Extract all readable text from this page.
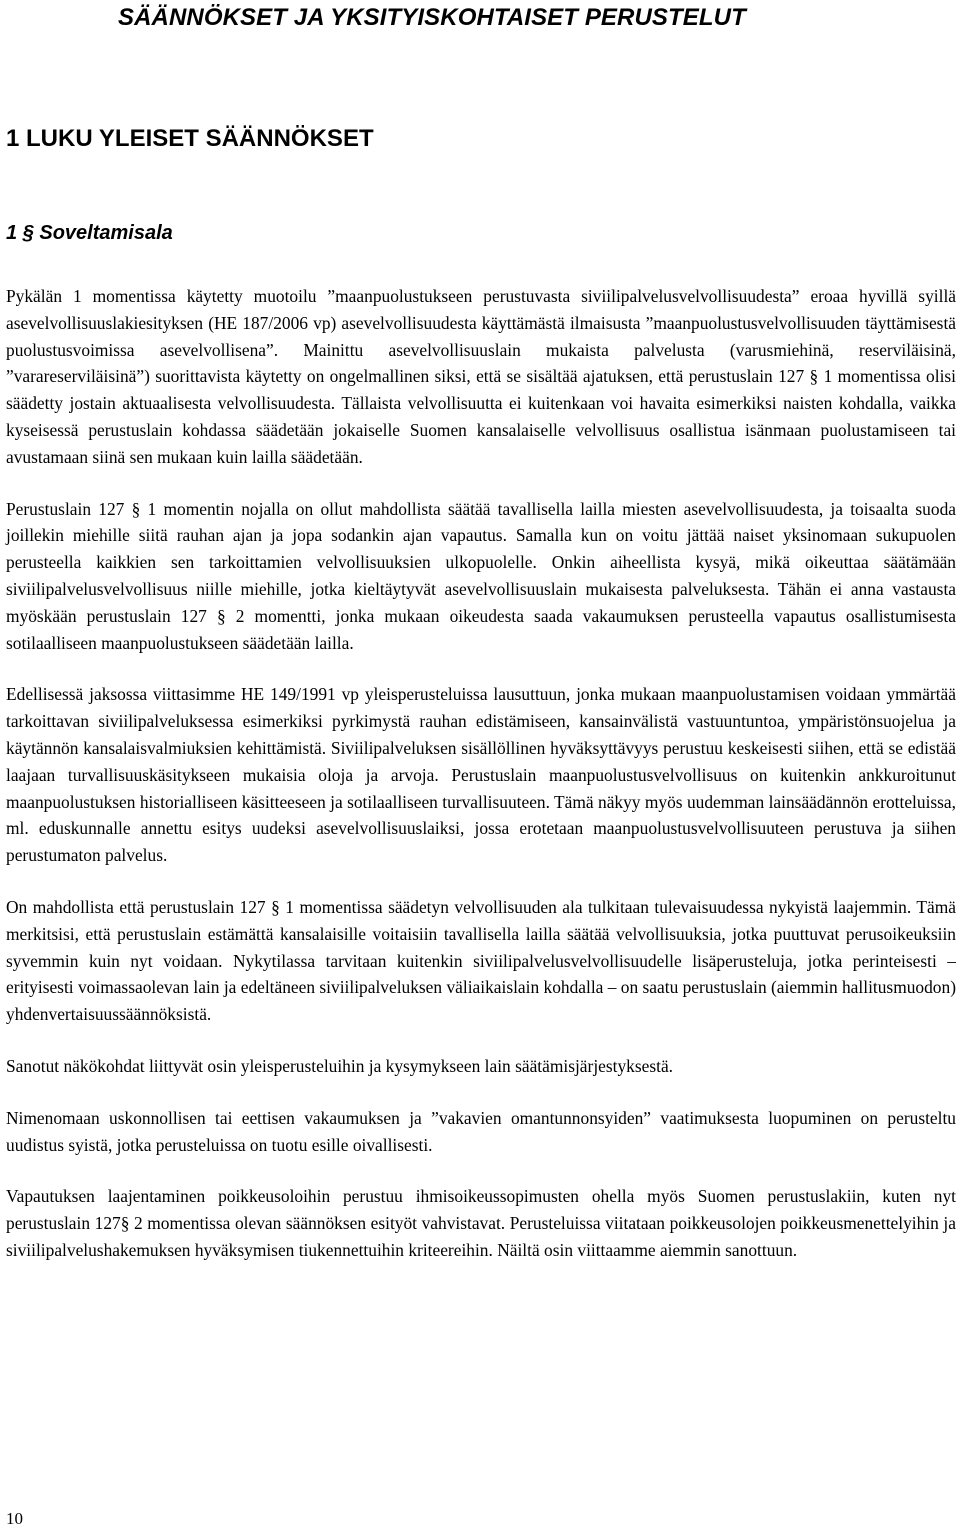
SÄÄNNÖKSET JA YKSITYISKOHTAISET PERUSTELUT
1 LUKU YLEISET SÄÄNNÖKSET
1 § Soveltamisala

Pykälän 1 momentissa käytetty muotoilu ”maanpuolustukseen perustuvasta siviilipalvelusvelvollisuudesta” eroaa hyvillä syillä asevelvollisuuslakiesityksen (HE 187/2006 vp) asevelvollisuudesta käyttämästä ilmaisusta ”maanpuolustusvelvollisuuden täyttämisestä puolustusvoimissa asevelvollisena”. Mainittu asevelvollisuuslain mukaista palvelusta (varusmiehinä, reserviläisinä, ”varareserviläisinä”) suorittavista käytetty on ongelmallinen siksi, että se sisältää ajatuksen, että perustuslain 127 § 1 momentissa olisi säädetty jostain aktuaalisesta velvollisuudesta. Tällaista velvollisuutta ei kuitenkaan voi havaita esimerkiksi naisten kohdalla, vaikka kyseisessä perustuslain kohdassa säädetään jokaiselle Suomen kansalaiselle velvollisuus osallistua isänmaan puolustamiseen tai avustamaan siinä sen mukaan kuin lailla säädetään.

Perustuslain 127 § 1 momentin nojalla on ollut mahdollista säätää tavallisella lailla miesten asevelvollisuudesta, ja toisaalta suoda joillekin miehille siitä rauhan ajan ja jopa sodankin ajan vapautus. Samalla kun on voitu jättää naiset yksinomaan sukupuolen perusteella kaikkien sen tarkoittamien velvollisuuksien ulkopuolelle. Onkin aiheellista kysyä, mikä oikeuttaa säätämään siviilipalvelusvelvollisuus niille miehille, jotka kieltäytyvät asevelvollisuuslain mukaisesta palveluksesta. Tähän ei anna vastausta myöskään perustuslain 127 § 2 momentti, jonka mukaan oikeudesta saada vakaumuksen perusteella vapautus osallistumisesta sotilaalliseen maanpuolustukseen säädetään lailla.

Edellisessä jaksossa viittasimme HE 149/1991 vp yleisperusteluissa lausuttuun, jonka mukaan maanpuolustamisen voidaan ymmärtää tarkoittavan siviilipalveluksessa esimerkiksi pyrkimystä rauhan edistämiseen, kansainvälistä vastuuntuntoa, ympäristönsuojelua ja käytännön kansalaisvalmiuksien kehittämistä. Siviilipalveluksen sisällöllinen hyväksyttävyys perustuu keskeisesti siihen, että se edistää laajaan turvallisuuskäsitykseen mukaisia oloja ja arvoja. Perustuslain maanpuolustusvelvollisuus on kuitenkin ankkuroitunut maanpuolustuksen historialliseen käsitteeseen ja sotilaalliseen turvallisuuteen. Tämä näkyy myös uudemman lainsäädännön erotteluissa, ml. eduskunnalle annettu esitys uudeksi asevelvollisuuslaiksi, jossa erotetaan maanpuolustusvelvollisuuteen perustuva ja siihen perustumaton palvelus.

On mahdollista että perustuslain 127 § 1 momentissa säädetyn velvollisuuden ala tulkitaan tulevaisuudessa nykyistä laajemmin. Tämä merkitsisi, että perustuslain estämättä kansalaisille voitaisiin tavallisella lailla säätää velvollisuuksia, jotka puuttuvat perusoikeuksiin syvemmin kuin nyt voidaan. Nykytilassa tarvitaan kuitenkin siviilipalvelusvelvollisuudelle lisäperusteluja, jotka perinteisesti – erityisesti voimassaolevan lain ja edeltäneen siviilipalveluksen väliaikaislain kohdalla – on saatu perustuslain (aiemmin hallitusmuodon) yhdenvertaisuussäännöksistä.

Sanotut näkökohdat liittyvät osin yleisperusteluihin ja kysymykseen lain säätämisjärjestyksestä.

Nimenomaan uskonnollisen tai eettisen vakaumuksen ja ”vakavien omantunnonsyiden” vaatimuksesta luopuminen on perusteltu uudistus syistä, jotka perusteluissa on tuotu esille oivallisesti.

Vapautuksen laajentaminen poikkeusoloihin perustuu ihmisoikeussopimusten ohella myös Suomen perustuslakiin, kuten nyt perustuslain 127§ 2 momentissa olevan säännöksen esityöt vahvistavat. Perusteluissa viitataan poikkeusolojen poikkeusmenettelyihin ja siviilipalvelushakemuksen hyväksymisen tiukennettuihin kriteereihin. Näiltä osin viittaamme aiemmin sanottuun.

10
